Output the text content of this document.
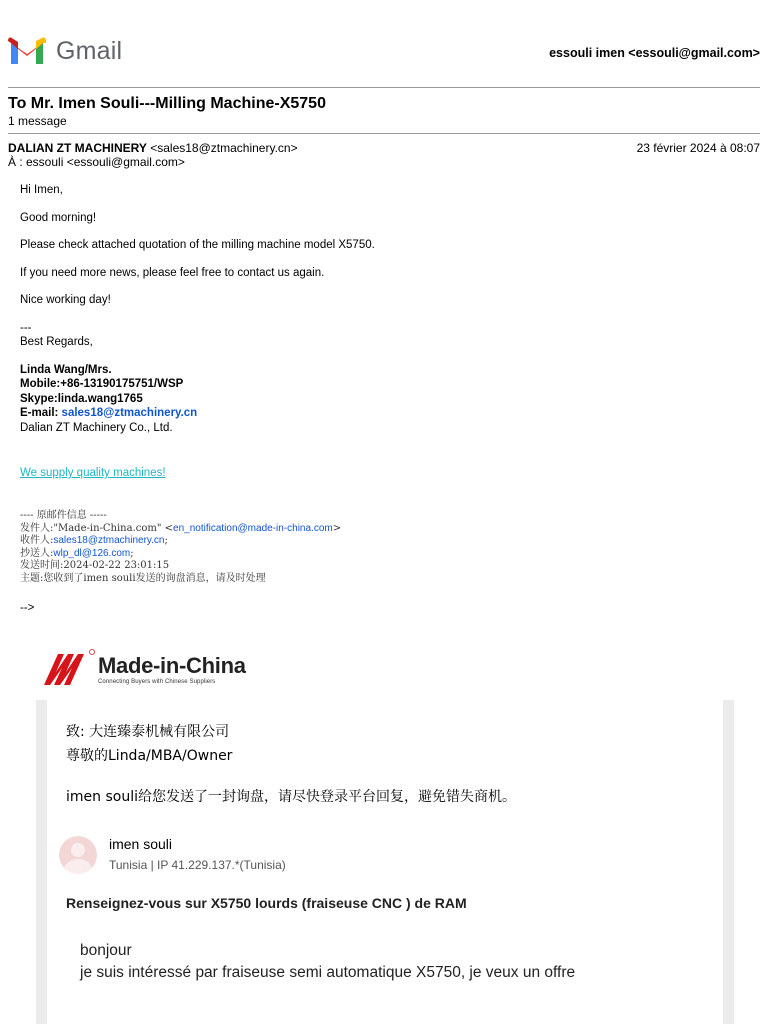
Gmail	essouli imen <essouli@gmail.com>
To Mr. Imen Souli---Milling Machine-X5750
1 message
DALIAN ZT MACHINERY <sales18@ztmachinery.cn>	23 février 2024 à 08:07
À : essouli <essouli@gmail.com>

Hi Imen,

Good morning!

Please check attached quotation of the milling machine model X5750.

If you need more news, please feel free to contact us again.

Nice working day!

---
Best Regards,
Linda Wang/Mrs.
Mobile:+86-13190175751/WSP
Skype:linda.wang1765
E-mail: sales18@ztmachinery.cn
Dalian ZT Machinery Co., Ltd.
We supply quality machines!
---- 原邮件信息 -----
发件人:"Made-in-China.com" <en_notification@made-in-china.com>
收件人:sales18@ztmachinery.cn;
抄送人:wlp_dl@126.com;
发送时间:2024-02-22 23:01:15
主题:您收到了imen souli发送的询盘消息，请及时处理
-->
Made-in-China
Connecting Buyers with Chinese Suppliers
致: 大连臻泰机械有限公司
尊敬的Linda/MBA/Owner
imen souli给您发送了一封询盘，请尽快登录平台回复，避免错失商机。
imen souli
Tunisia | IP 41.229.137.*(Tunisia)
Renseignez-vous sur X5750 lourds (fraiseuse CNC ) de RAM
bonjour
je suis intéressé par fraiseuse semi automatique X5750, je veux un offre
